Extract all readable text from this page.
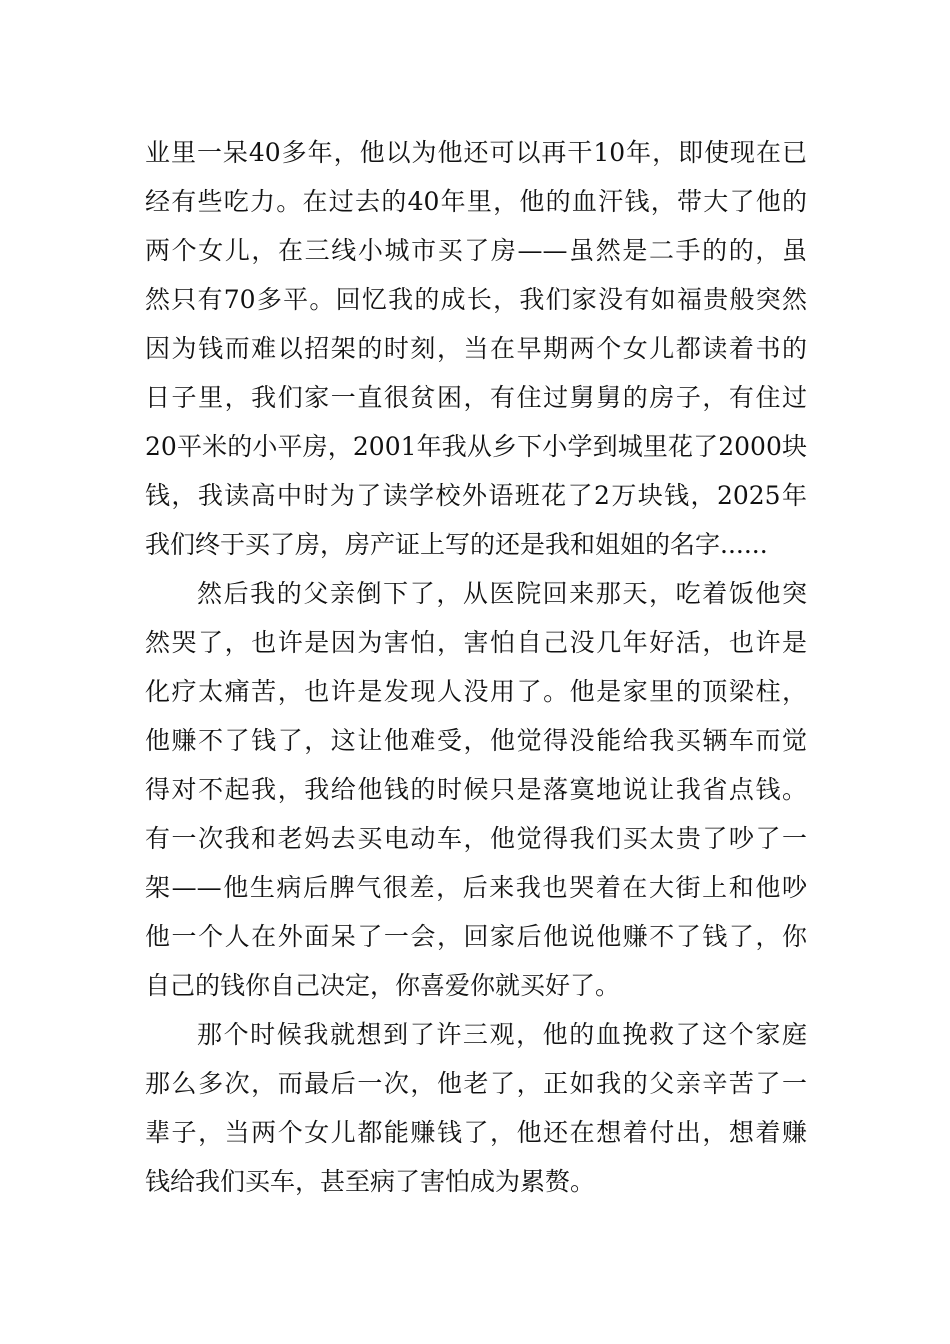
业里一呆40多年，他以为他还可以再干10年，即使现在已
经有些吃力。在过去的40年里，他的血汗钱，带大了他的
两个女儿，在三线小城市买了房——虽然是二手的的，虽
然只有70多平。回忆我的成长，我们家没有如福贵般突然
因为钱而难以招架的时刻，当在早期两个女儿都读着书的
日子里，我们家一直很贫困，有住过舅舅的房子，有住过
20平米的小平房，2001年我从乡下小学到城里花了2000块
钱，我读高中时为了读学校外语班花了2万块钱，2025年
我们终于买了房，房产证上写的还是我和姐姐的名字......
然后我的父亲倒下了，从医院回来那天，吃着饭他突
然哭了，也许是因为害怕，害怕自己没几年好活，也许是
化疗太痛苦，也许是发现人没用了。他是家里的顶梁柱，
他赚不了钱了，这让他难受，他觉得没能给我买辆车而觉
得对不起我，我给他钱的时候只是落寞地说让我省点钱。
有一次我和老妈去买电动车，他觉得我们买太贵了吵了一
架——他生病后脾气很差，后来我也哭着在大街上和他吵
他一个人在外面呆了一会，回家后他说他赚不了钱了，你
自己的钱你自己决定，你喜爱你就买好了。
那个时候我就想到了许三观，他的血挽救了这个家庭
那么多次，而最后一次，他老了，正如我的父亲辛苦了一
辈子，当两个女儿都能赚钱了，他还在想着付出，想着赚
钱给我们买车，甚至病了害怕成为累赘。
